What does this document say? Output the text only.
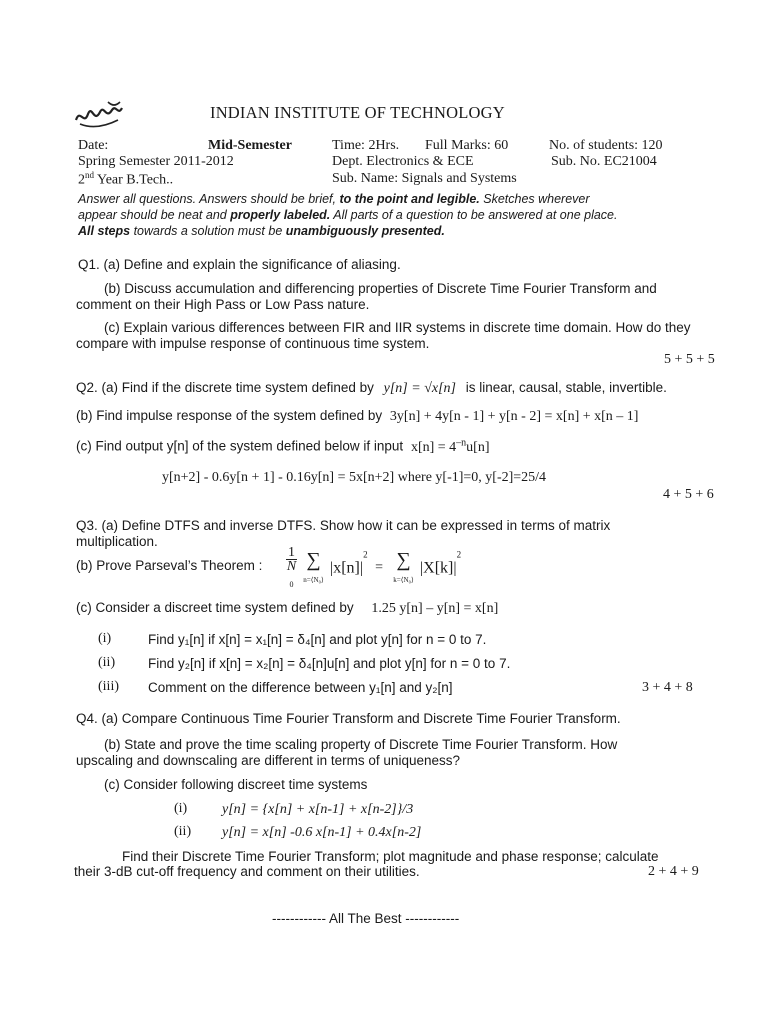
INDIAN INSTITUTE OF TECHNOLOGY
Date:	Mid-Semester	Time: 2Hrs. Full Marks: 60	No. of students: 120
Spring Semester 2011-2012	Dept. Electronics & ECE	Sub. No. EC21004
2nd Year B.Tech..	Sub. Name: Signals and Systems
Answer all questions. Answers should be brief, to the point and legible. Sketches wherever
appear should be neat and properly labeled. All parts of a question to be answered at one place.
All steps towards a solution must be unambiguously presented.
Q1. (a) Define and explain the significance of aliasing.
(b) Discuss accumulation and differencing properties of Discrete Time Fourier Transform and
comment on their High Pass or Low Pass nature.
(c) Explain various differences between FIR and IIR systems in discrete time domain. How do they
compare with impulse response of continuous time system.
5 + 5 + 5
Q2. (a) Find if the discrete time system defined by y[n] = √x[n] is linear, causal, stable, invertible.
(b) Find impulse response of the system defined by 3y[n] + 4y[n - 1] + y[n - 2] = x[n] + x[n – 1]
(c) Find output y[n] of the system defined below if input $x[n] = 4^{-n}u[n]$
y[n+2] - 0.6y[n + 1] - 0.16y[n] = 5x[n+2] where y[-1]=0, y[-2]=25/4
4 + 5 + 6
Q3. (a) Define DTFS and inverse DTFS. Show how it can be expressed in terms of matrix
multiplication.
(b) Prove Parseval’s Theorem : 1
N
$_0$ ∑
n=⟨N₀⟩ $|x[n]|^2$ = ∑
k=⟨N₀⟩ $|X[k]|^2$
(c) Consider a discreet time system defined by 1.25 y[n] – y[n] = x[n]
(i)	Find y₁[n] if x[n] = x₁[n] = δ₄[n] and plot y[n] for n = 0 to 7.
(ii) Find y₂[n] if x[n] = x₂[n] = δ₄[n]u[n] and plot y[n] for n = 0 to 7.
(iii) Comment on the difference between y₁[n] and y₂[n]	3 + 4 + 8
Q4. (a) Compare Continuous Time Fourier Transform and Discrete Time Fourier Transform.
(b) State and prove the time scaling property of Discrete Time Fourier Transform. How
upscaling and downscaling are different in terms of uniqueness?
(c) Consider following discreet time systems
(i) y[n] = {x[n] + x[n-1] + x[n-2]}/3
(ii) y[n] = x[n] -0.6 x[n-1] + 0.4x[n-2]
Find their Discrete Time Fourier Transform; plot magnitude and phase response; calculate
their 3-dB cut-off frequency and comment on their utilities.	2 + 4 + 9
------------ All The Best ------------
